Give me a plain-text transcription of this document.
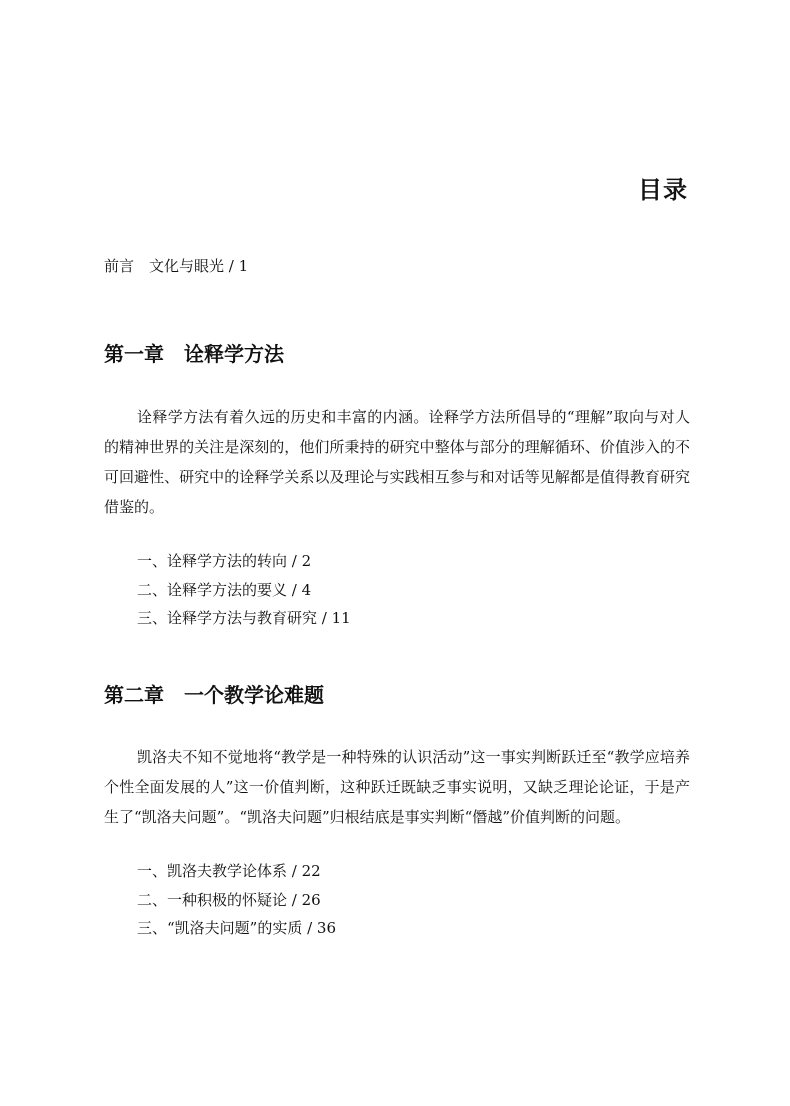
目录
前言　文化与眼光 / 1
第一章　诠释学方法

诠释学方法有着久远的历史和丰富的内涵。诠释学方法所倡导的“理解”取向与对人的精神世界的关注是深刻的，他们所秉持的研究中整体与部分的理解循环、价值涉入的不可回避性、研究中的诠释学关系以及理论与实践相互参与和对话等见解都是值得教育研究借鉴的。

一、诠释学方法的转向 / 2
二、诠释学方法的要义 / 4
三、诠释学方法与教育研究 / 11
第二章　一个教学论难题

凯洛夫不知不觉地将“教学是一种特殊的认识活动”这一事实判断跃迁至“教学应培养个性全面发展的人”这一价值判断，这种跃迁既缺乏事实说明，又缺乏理论论证，于是产生了“凯洛夫问题”。“凯洛夫问题”归根结底是事实判断“僭越”价值判断的问题。

一、凯洛夫教学论体系 / 22
二、一种积极的怀疑论 / 26
三、“凯洛夫问题”的实质 / 36
